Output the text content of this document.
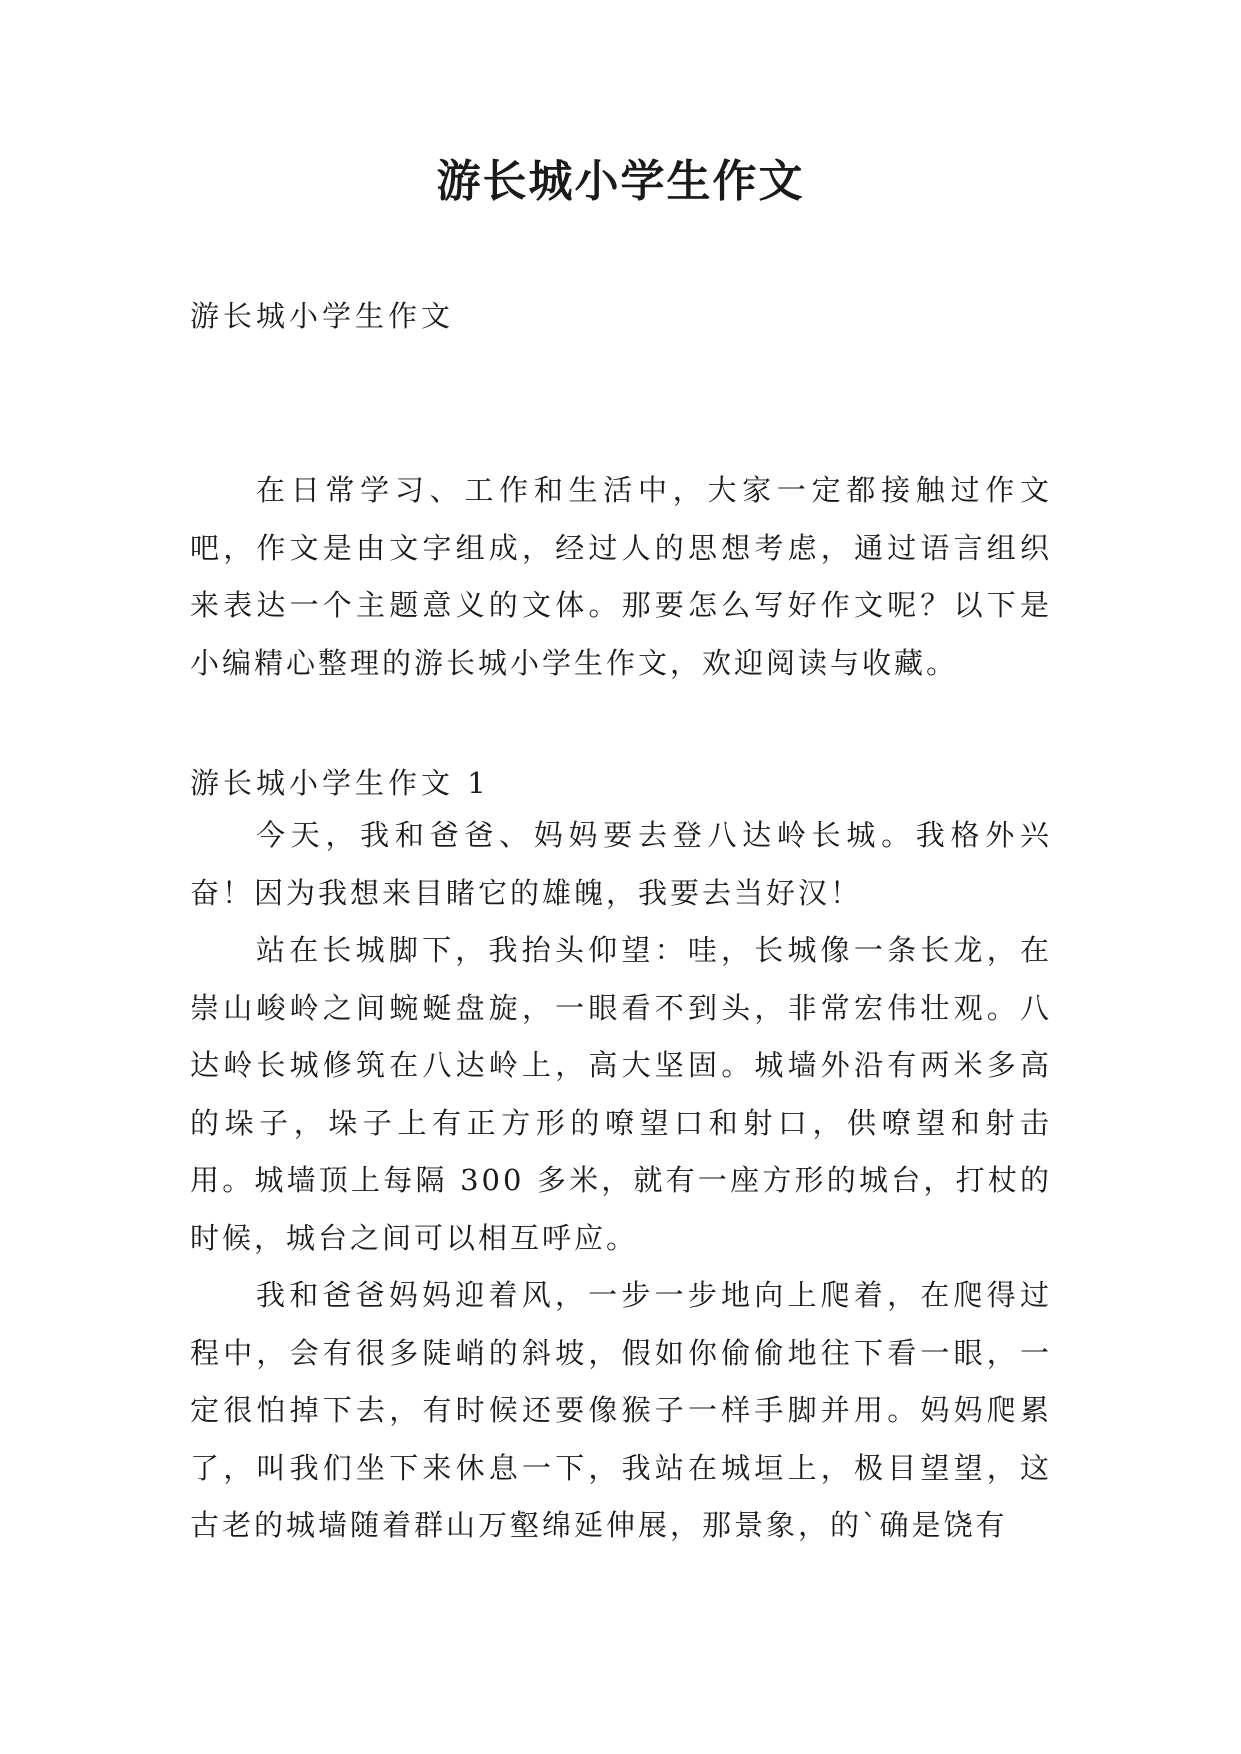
游长城小学生作文
游长城小学生作文

在日常学习、工作和生活中，大家一定都接触过作文吧，作文是由文字组成，经过人的思想考虑，通过语言组织来表达一个主题意义的文体。那要怎么写好作文呢？以下是小编精心整理的游长城小学生作文，欢迎阅读与收藏。

游长城小学生作文 1

今天，我和爸爸、妈妈要去登八达岭长城。我格外兴奋！因为我想来目睹它的雄魄，我要去当好汉！

站在长城脚下，我抬头仰望：哇，长城像一条长龙，在崇山峻岭之间蜿蜒盘旋，一眼看不到头，非常宏伟壮观。八达岭长城修筑在八达岭上，高大坚固。城墙外沿有两米多高的垛子，垛子上有正方形的嘹望口和射口，供嘹望和射击用。城墙顶上每隔 300 多米，就有一座方形的城台，打杖的时候，城台之间可以相互呼应。

我和爸爸妈妈迎着风，一步一步地向上爬着，在爬得过程中，会有很多陡峭的斜坡，假如你偷偷地往下看一眼，一定很怕掉下去，有时候还要像猴子一样手脚并用。妈妈爬累了，叫我们坐下来休息一下，我站在城垣上，极目望望，这古老的城墙随着群山万壑绵延伸展，那景象，的`确是饶有
